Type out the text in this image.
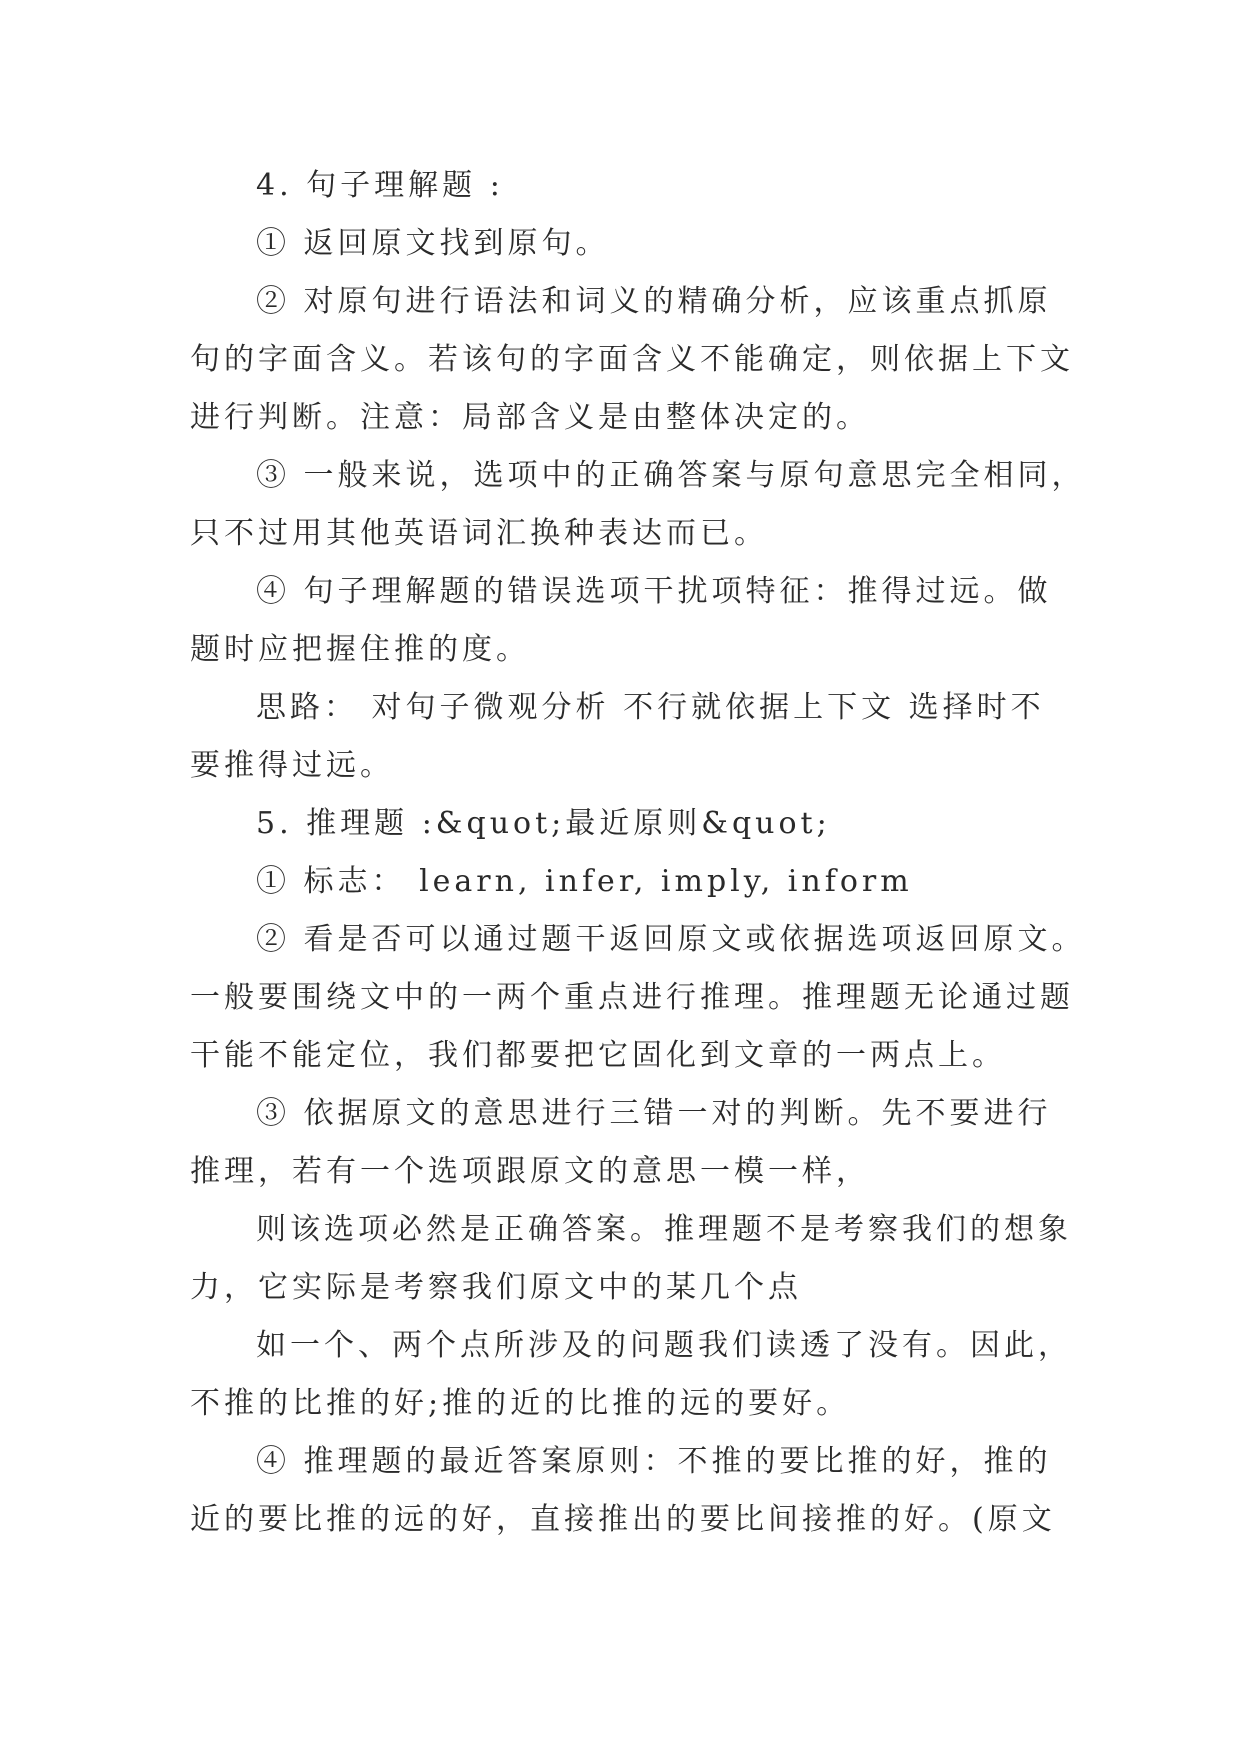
4. 句子理解题 :
① 返回原文找到原句。
② 对原句进行语法和词义的精确分析，应该重点抓原
句的字面含义。若该句的字面含义不能确定，则依据上下文
进行判断。注意：局部含义是由整体决定的。
③ 一般来说，选项中的正确答案与原句意思完全相同，
只不过用其他英语词汇换种表达而已。
④ 句子理解题的错误选项干扰项特征：推得过远。做
题时应把握住推的度。
思路： 对句子微观分析 不行就依据上下文 选择时不
要推得过远。
5. 推理题 :&quot;最近原则&quot;
① 标志： learn, infer, imply, inform
② 看是否可以通过题干返回原文或依据选项返回原文。
一般要围绕文中的一两个重点进行推理。推理题无论通过题
干能不能定位，我们都要把它固化到文章的一两点上。
③ 依据原文的意思进行三错一对的判断。先不要进行
推理，若有一个选项跟原文的意思一模一样，
则该选项必然是正确答案。推理题不是考察我们的想象
力，它实际是考察我们原文中的某几个点
如一个、两个点所涉及的问题我们读透了没有。因此，
不推的比推的好;推的近的比推的远的要好。
④ 推理题的最近答案原则：不推的要比推的好，推的
近的要比推的远的好，直接推出的要比间接推的好。(原文
